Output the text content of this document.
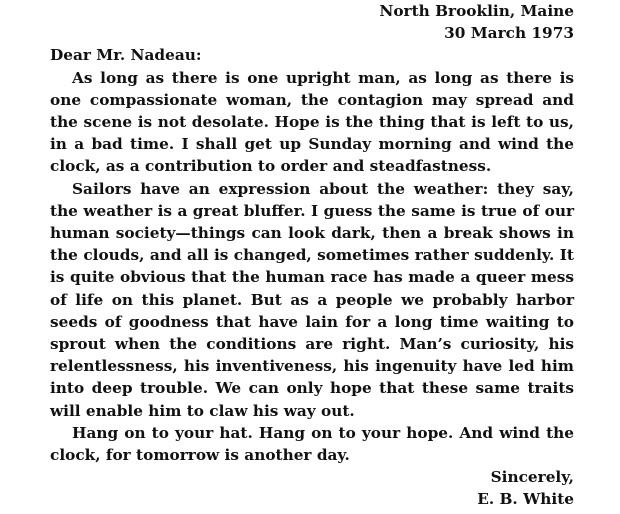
North Brooklin, Maine
30 March 1973

Dear Mr. Nadeau:

As long as there is one upright man, as long as there is one compassionate woman, the contagion may spread and the scene is not desolate. Hope is the thing that is left to us, in a bad time. I shall get up Sunday morning and wind the clock, as a contribution to order and steadfastness.

Sailors have an expression about the weather: they say, the weather is a great bluffer. I guess the same is true of our human society—things can look dark, then a break shows in the clouds, and all is changed, sometimes rather suddenly. It is quite obvious that the human race has made a queer mess of life on this planet. But as a people we probably harbor seeds of goodness that have lain for a long time waiting to sprout when the conditions are right. Man’s curiosity, his relentlessness, his inventiveness, his ingenuity have led him into deep trouble. We can only hope that these same traits will enable him to claw his way out.

Hang on to your hat. Hang on to your hope. And wind the clock, for tomorrow is another day.

Sincerely,
E. B. White
